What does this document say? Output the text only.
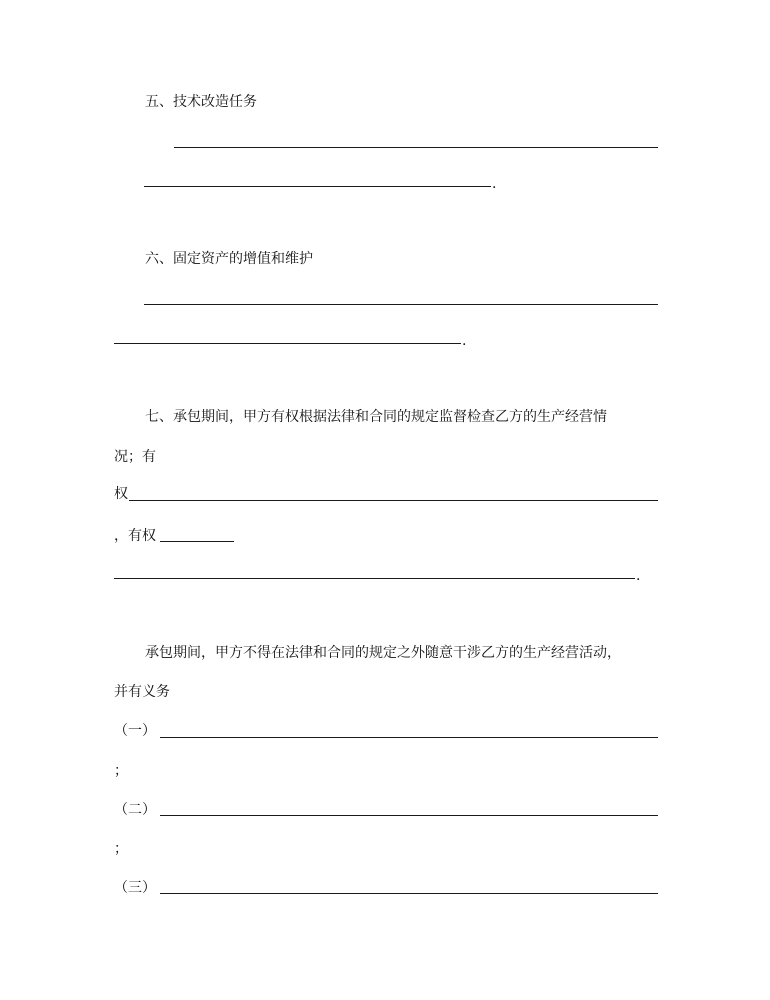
五、技术改造任务
.
六、固定资产的增值和维护
.
七、承包期间，甲方有权根据法律和合同的规定监督检查乙方的生产经营情
况；有
权
，有权
.
承包期间，甲方不得在法律和合同的规定之外随意干涉乙方的生产经营活动，
并有义务
（一）
；
（二）
；
（三）
